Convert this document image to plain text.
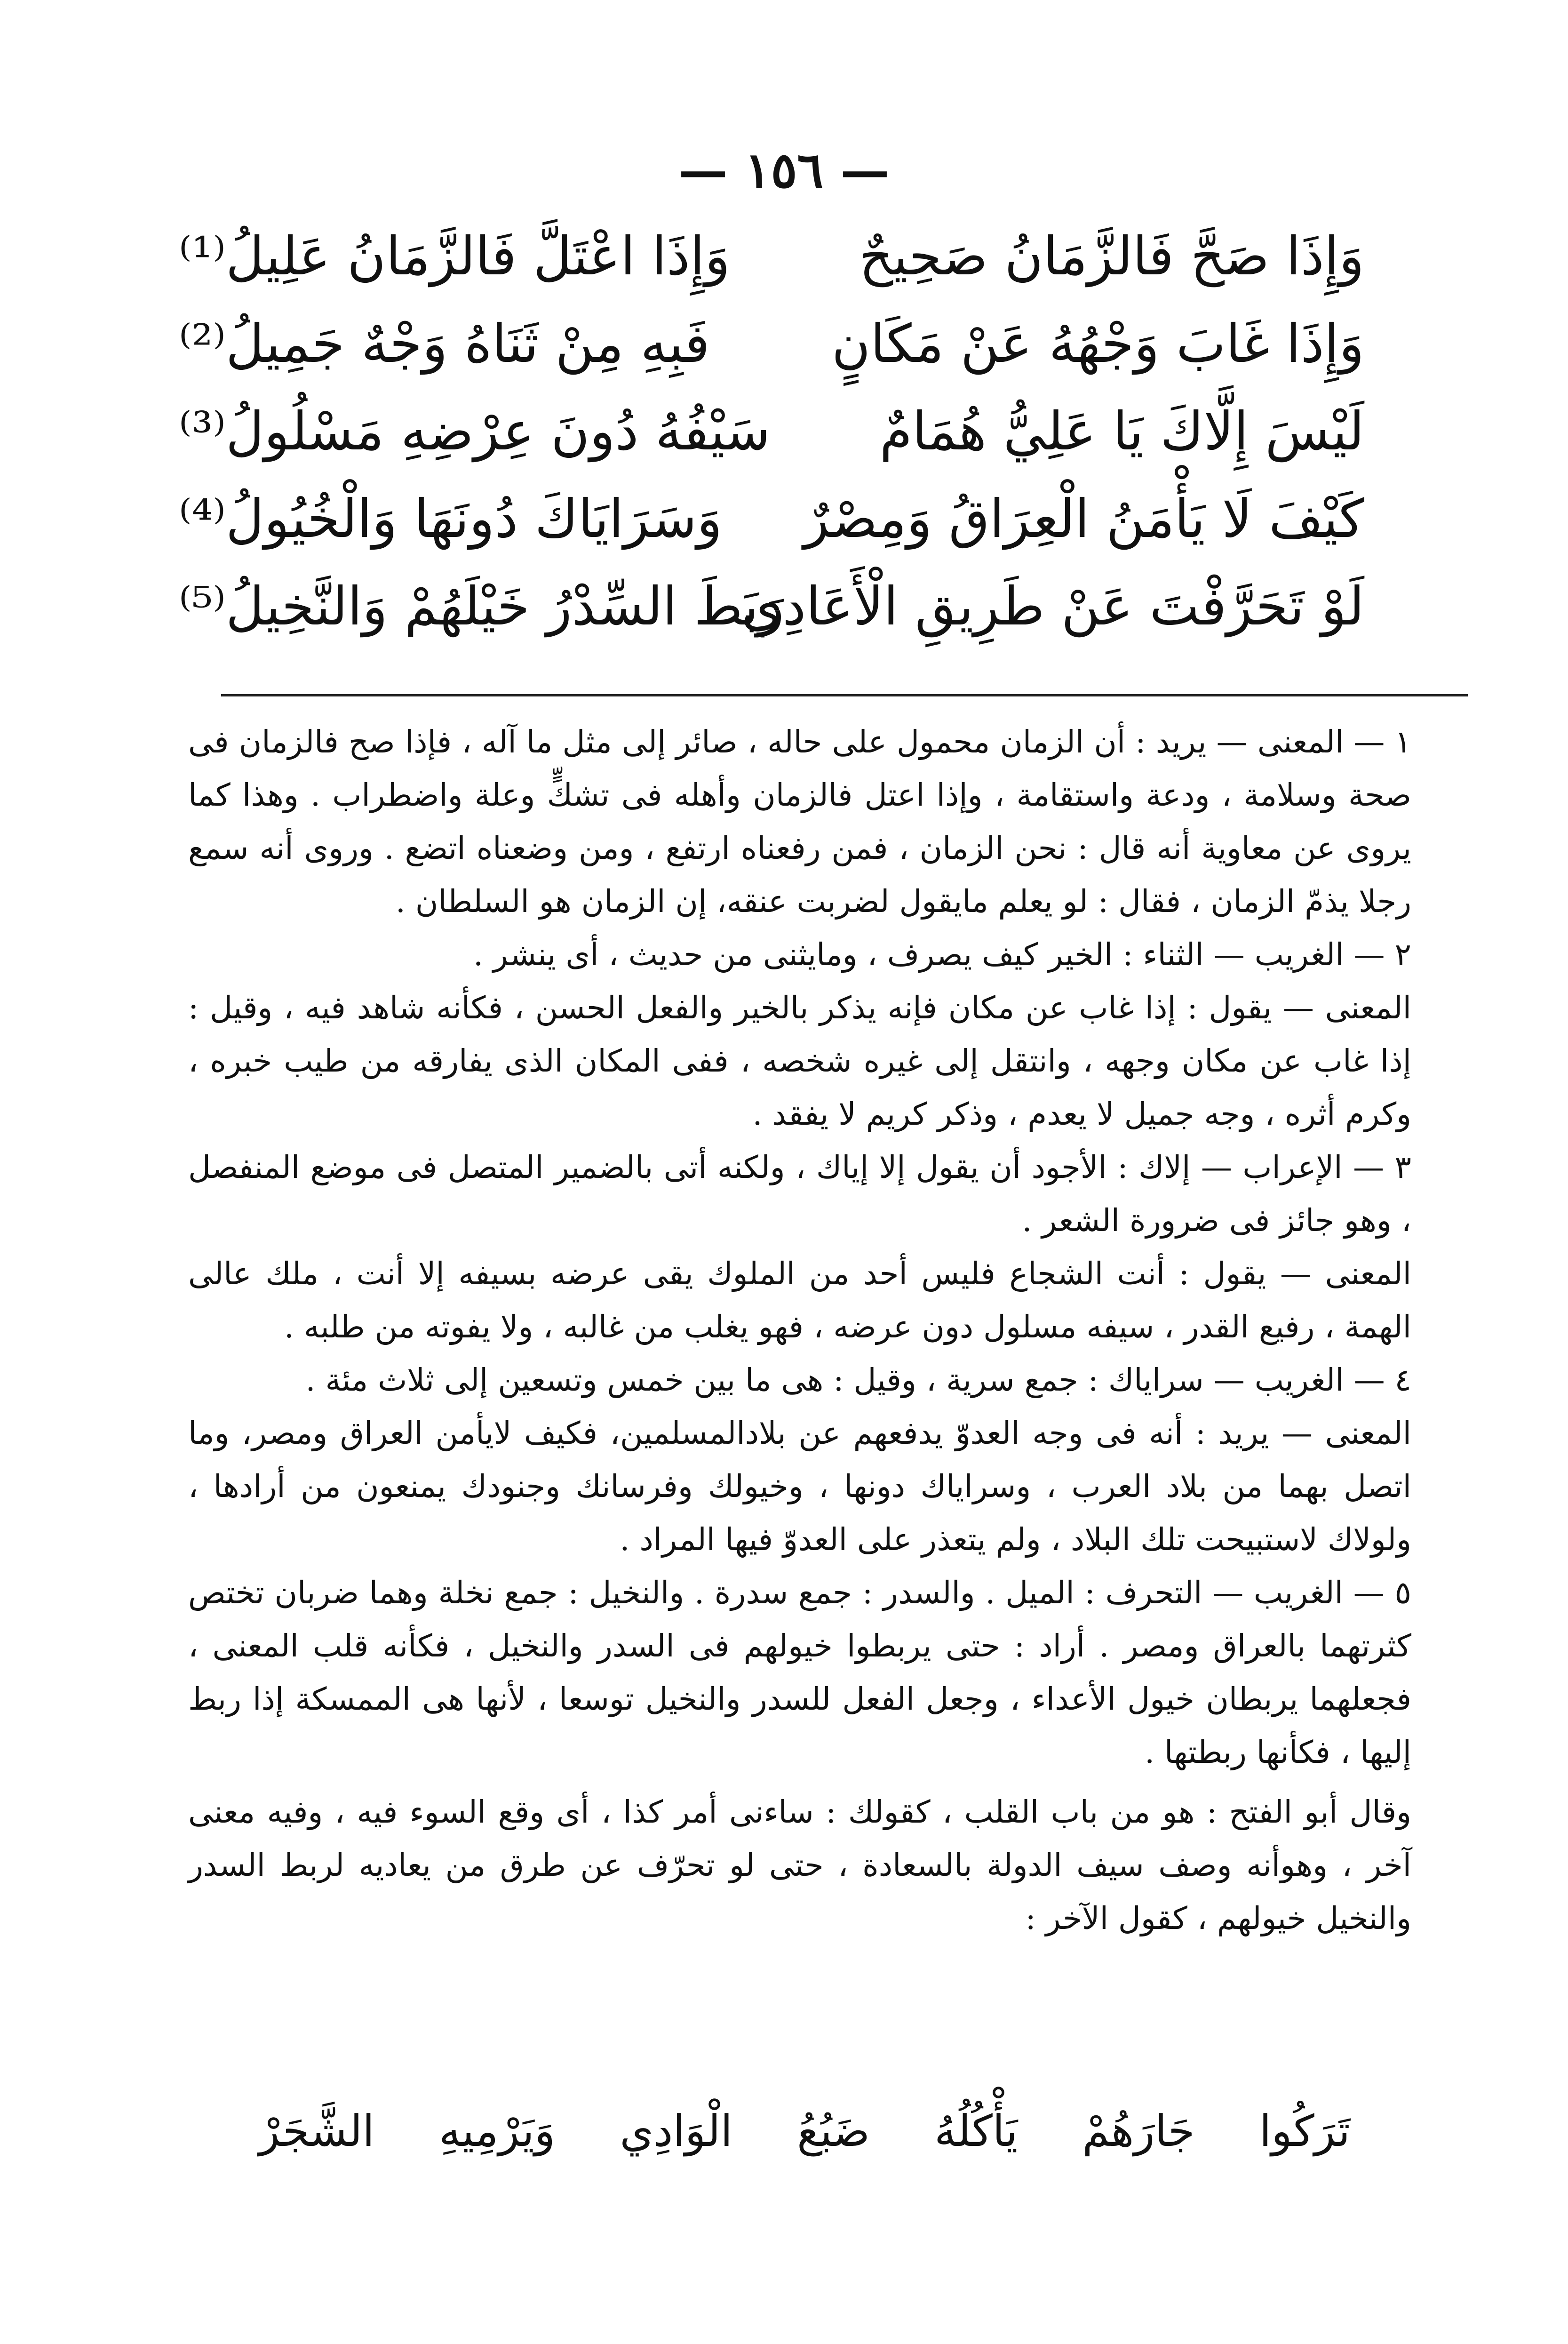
— ١٥٦ —
وَإِذَا صَحَّ فَالزَّمَانُ صَحِيحٌ
وَإِذَا اعْتَلَّ فَالزَّمَانُ عَلِيلُ⁽¹⁾
وَإِذَا غَابَ وَجْهُهُ عَنْ مَكَانٍ
فَبِهِ مِنْ ثَنَاهُ وَجْهٌ جَمِيلُ⁽²⁾
لَيْسَ إِلَّاكَ يَا عَلِيُّ هُمَامٌ
سَيْفُهُ دُونَ عِرْضِهِ مَسْلُولُ⁽³⁾
كَيْفَ لَا يَأْمَنُ الْعِرَاقُ وَمِصْرٌ
وَسَرَايَاكَ دُونَهَا وَالْخُيُولُ⁽⁴⁾
لَوْ تَحَرَّفْتَ عَنْ طَرِيقِ الْأَعَادِي
رَبَطَ السِّدْرُ خَيْلَهُمْ وَالنَّخِيلُ⁽⁵⁾

١ — المعنى — يريد : أن الزمان محمول على حاله ، صائر إلى مثل ما آله ، فإذا صح فالزمان فى صحة وسلامة ، ودعة واستقامة ، وإذا اعتل فالزمان وأهله فى تشكٍّ وعلة واضطراب . وهذا كما يروى عن معاوية أنه قال : نحن الزمان ، فمن رفعناه ارتفع ، ومن وضعناه اتضع . وروى أنه سمع رجلا يذمّ الزمان ، فقال : لو يعلم مايقول لضربت عنقه، إن الزمان هو السلطان .

٢ — الغريب — الثناء : الخير كيف يصرف ، ومايثنى من حديث ، أى ينشر .

المعنى — يقول : إذا غاب عن مكان فإنه يذكر بالخير والفعل الحسن ، فكأنه شاهد فيه ، وقيل : إذا غاب عن مكان وجهه ، وانتقل إلى غيره شخصه ، ففى المكان الذى يفارقه من طيب خبره ، وكرم أثره ، وجه جميل لا يعدم ، وذكر كريم لا يفقد .

٣ — الإعراب — إلاك : الأجود أن يقول إلا إياك ، ولكنه أتى بالضمير المتصل فى موضع المنفصل ، وهو جائز فى ضرورة الشعر .

المعنى — يقول : أنت الشجاع فليس أحد من الملوك يقى عرضه بسيفه إلا أنت ، ملك عالى الهمة ، رفيع القدر ، سيفه مسلول دون عرضه ، فهو يغلب من غالبه ، ولا يفوته من طلبه .

٤ — الغريب — سراياك : جمع سرية ، وقيل : هى ما بين خمس وتسعين إلى ثلاث مئة .

المعنى — يريد : أنه فى وجه العدوّ يدفعهم عن بلادالمسلمين، فكيف لايأمن العراق ومصر، وما اتصل بهما من بلاد العرب ، وسراياك دونها ، وخيولك وفرسانك وجنودك يمنعون من أرادها ، ولولاك لاستبيحت تلك البلاد ، ولم يتعذر على العدوّ فيها المراد .

٥ — الغريب — التحرف : الميل . والسدر : جمع سدرة . والنخيل : جمع نخلة وهما ضربان تختص كثرتهما بالعراق ومصر . أراد : حتى يربطوا خيولهم فى السدر والنخيل ، فكأنه قلب المعنى ، فجعلهما يربطان خيول الأعداء ، وجعل الفعل للسدر والنخيل توسعا ، لأنها هى الممسكة إذا ربط إليها ، فكأنها ربطتها .

وقال أبو الفتح : هو من باب القلب ، كقولك : ساءنى أمر كذا ، أى وقع السوء فيه ، وفيه معنى آخر ، وهوأنه وصف سيف الدولة بالسعادة ، حتى لو تحرّف عن طرق من يعاديه لربط السدر والنخيل خيولهم ، كقول الآخر :

تَرَكُوا
جَارَهُمْ
يَأْكُلُهُ
ضَبُعُ
الْوَادِي
وَيَرْمِيهِ
الشَّجَرْ
